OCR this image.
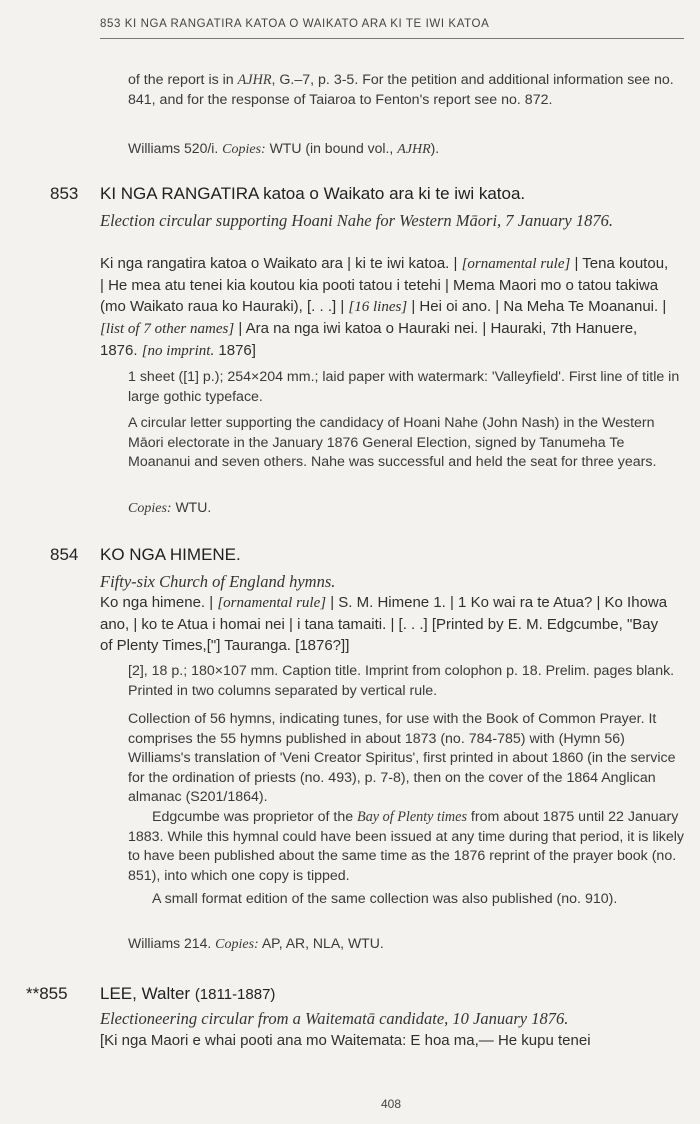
853 KI NGA RANGATIRA KATOA O WAIKATO ARA KI TE IWI KATOA

of the report is in AJHR, G.–7, p. 3-5. For the petition and additional information see no. 841, and for the response of Taiaroa to Fenton's report see no. 872.

Williams 520/i. Copies: WTU (in bound vol., AJHR).
853 KI NGA RANGATIRA katoa o Waikato ara ki te iwi katoa.
Election circular supporting Hoani Nahe for Western Māori, 7 January 1876.

Ki nga rangatira katoa o Waikato ara | ki te iwi katoa. | [ornamental rule] | Tena koutou, | He mea atu tenei kia koutou kia pooti tatou i tetehi | Mema Maori mo o tatou takiwa (mo Waikato raua ko Hauraki), [. . .] | [16 lines] | Hei oi ano. | Na Meha Te Moananui. | [list of 7 other names] | Ara na nga iwi katoa o Hauraki nei. | Hauraki, 7th Hanuere, 1876. [no imprint. 1876]

1 sheet ([1] p.); 254×204 mm.; laid paper with watermark: 'Valleyfield'. First line of title in large gothic typeface.

A circular letter supporting the candidacy of Hoani Nahe (John Nash) in the Western Māori electorate in the January 1876 General Election, signed by Tanumeha Te Moananui and seven others. Nahe was successful and held the seat for three years.

Copies: WTU.
854 KO NGA HIMENE.
Fifty-six Church of England hymns.

Ko nga himene. | [ornamental rule] | S. M. Himene 1. | 1 Ko wai ra te Atua? | Ko Ihowa ano, | ko te Atua i homai nei | i tana tamaiti. | [. . .] [Printed by E. M. Edgcumbe, "Bay of Plenty Times,["] Tauranga. [1876?]]

[2], 18 p.; 180×107 mm. Caption title. Imprint from colophon p. 18. Prelim. pages blank. Printed in two columns separated by vertical rule.

Collection of 56 hymns, indicating tunes, for use with the Book of Common Prayer. It comprises the 55 hymns published in about 1873 (no. 784-785) with (Hymn 56) Williams's translation of 'Veni Creator Spiritus', first printed in about 1860 (in the service for the ordination of priests (no. 493), p. 7-8), then on the cover of the 1864 Anglican almanac (S201/1864).

Edgcumbe was proprietor of the Bay of Plenty times from about 1875 until 22 January 1883. While this hymnal could have been issued at any time during that period, it is likely to have been published about the same time as the 1876 reprint of the prayer book (no. 851), into which one copy is tipped.

A small format edition of the same collection was also published (no. 910).

Williams 214. Copies: AP, AR, NLA, WTU.
**855 LEE, Walter (1811-1887)
Electioneering circular from a Waitematā candidate, 10 January 1876.

[Ki nga Maori e whai pooti ana mo Waitemata: E hoa ma,— He kupu tenei

408
